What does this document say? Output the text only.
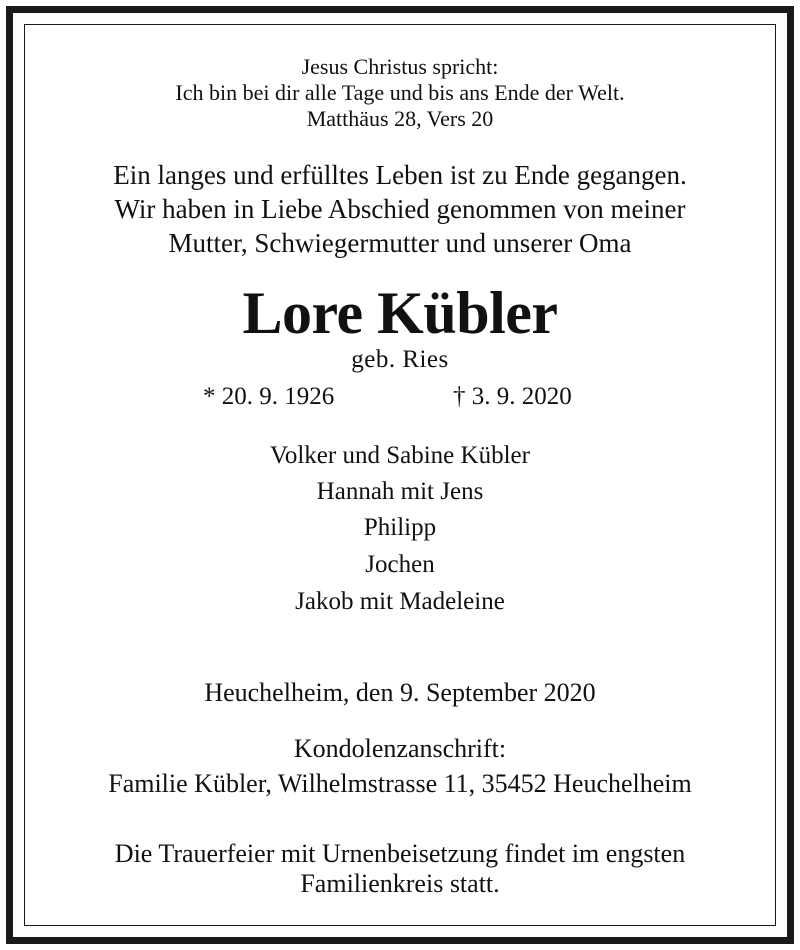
Jesus Christus spricht:
Ich bin bei dir alle Tage und bis ans Ende der Welt.
Matthäus 28, Vers 20
Ein langes und erfülltes Leben ist zu Ende gegangen.
Wir haben in Liebe Abschied genommen von meiner
Mutter, Schwiegermutter und unserer Oma
Lore Kübler
geb. Ries
* 20. 9. 1926	† 3. 9. 2020
Volker und Sabine Kübler
Hannah mit Jens
Philipp
Jochen
Jakob mit Madeleine
Heuchelheim, den 9. September 2020
Kondolenzanschrift:
Familie Kübler, Wilhelmstrasse 11, 35452 Heuchelheim
Die Trauerfeier mit Urnenbeisetzung findet im engsten
Familienkreis statt.
